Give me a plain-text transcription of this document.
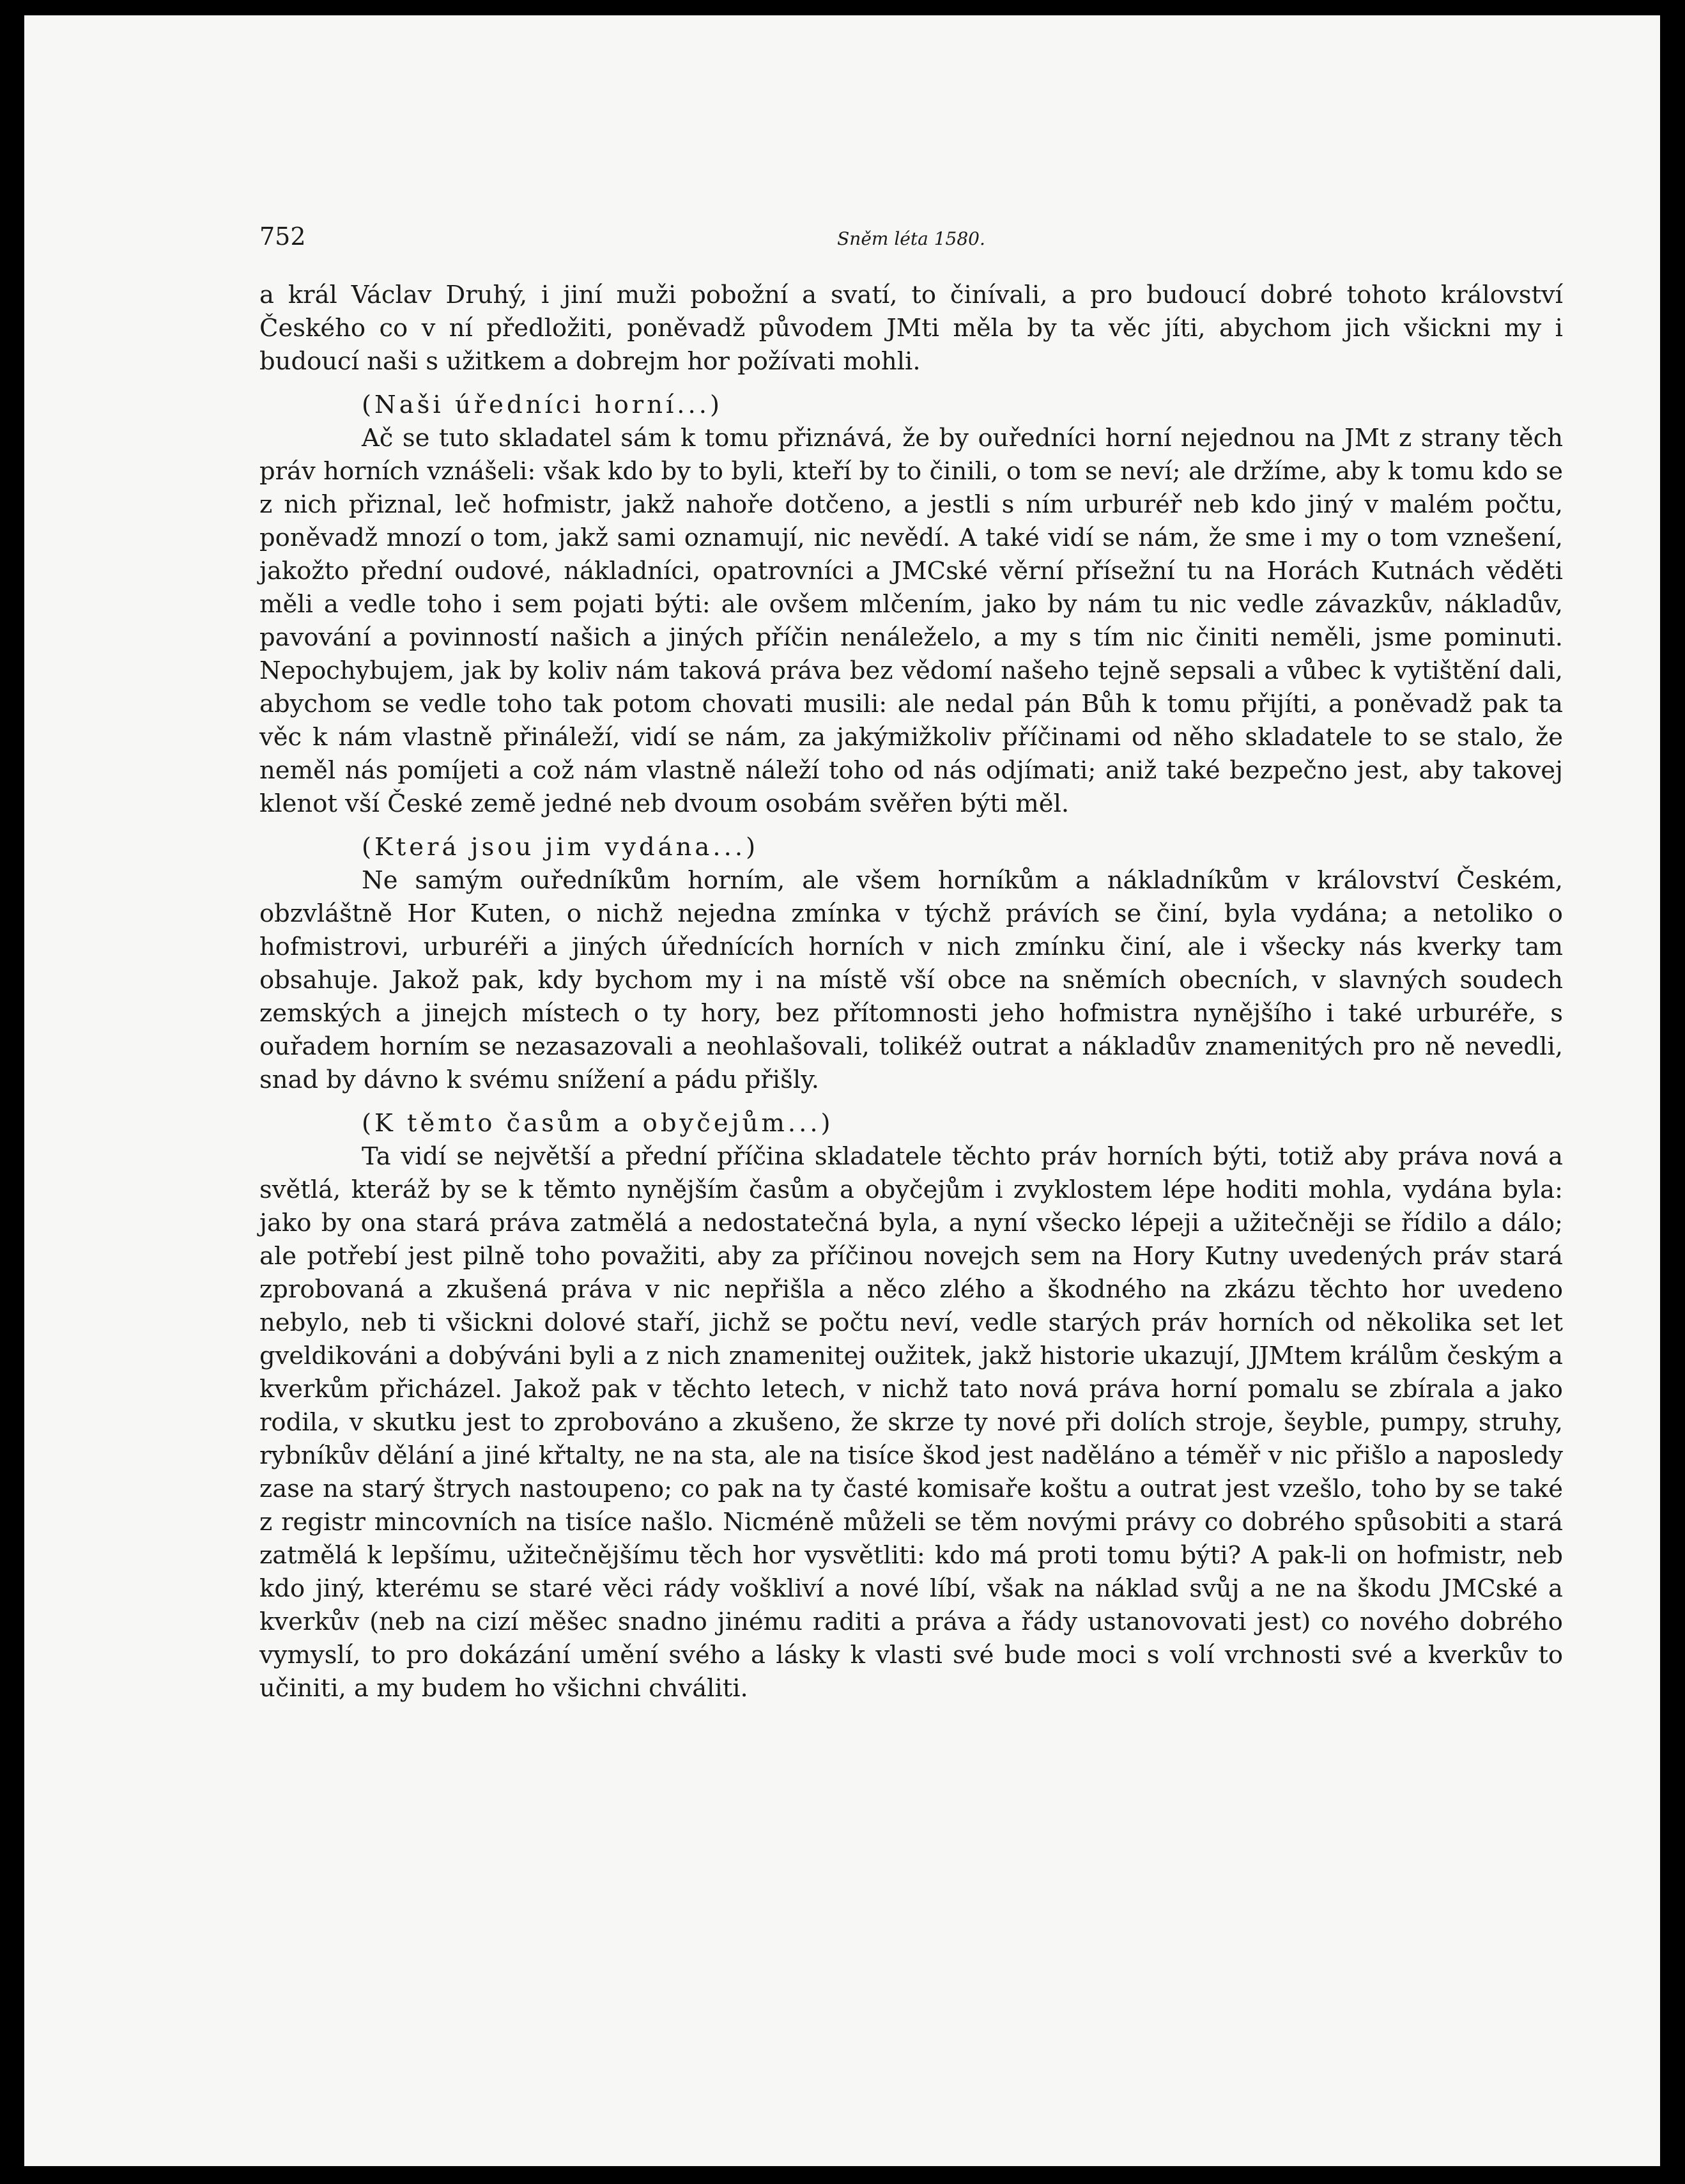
752	Sněm léta 1580.

a král Václav Druhý, i jiní muži pobožní a svatí, to činívali, a pro budoucí dobré tohoto království Českého co v ní předložiti, poněvadž původem JMti měla by ta věc jíti, abychom jich všickni my i budoucí naši s užitkem a dobrejm hor požívati mohli.

(Naši úředníci horní...)

Ač se tuto skladatel sám k tomu přiznává, že by ouředníci horní nejednou na JMt z strany těch práv horních vznášeli: však kdo by to byli, kteří by to činili, o tom se neví; ale držíme, aby k tomu kdo se z nich přiznal, leč hofmistr, jakž nahoře dotčeno, a jestli s ním urburéř neb kdo jiný v malém počtu, poněvadž mnozí o tom, jakž sami oznamují, nic nevědí. A také vidí se nám, že sme i my o tom vznešení, jakožto přední oudové, nákladníci, opatrovníci a JMCské věrní přísežní tu na Horách Kutnách věděti měli a vedle toho i sem pojati býti: ale ovšem mlčením, jako by nám tu nic vedle závazkův, nákladův, pavování a povinností našich a jiných příčin nenáleželo, a my s tím nic činiti neměli, jsme pominuti. Nepochybujem, jak by koliv nám taková práva bez vědomí našeho tejně sepsali a vůbec k vytištění dali, abychom se vedle toho tak potom chovati musili: ale nedal pán Bůh k tomu přijíti, a poněvadž pak ta věc k nám vlastně přináleží, vidí se nám, za jakýmižkoliv příčinami od něho skladatele to se stalo, že neměl nás pomíjeti a což nám vlastně náleží toho od nás odjímati; aniž také bezpečno jest, aby takovej klenot vší České země jedné neb dvoum osobám svěřen býti měl.

(Která jsou jim vydána...)

Ne samým ouředníkům horním, ale všem horníkům a nákladníkům v království Českém, obzvláštně Hor Kuten, o nichž nejedna zmínka v týchž právích se činí, byla vydána; a netoliko o hofmistrovi, urburéři a jiných úřednících horních v nich zmínku činí, ale i všecky nás kverky tam obsahuje. Jakož pak, kdy bychom my i na místě vší obce na sněmích obecních, v slavných soudech zemských a jinejch místech o ty hory, bez přítomnosti jeho hofmistra nynějšího i také urburéře, s ouřadem horním se nezasazovali a neohlašovali, tolikéž outrat a nákladův znamenitých pro ně nevedli, snad by dávno k svému snížení a pádu přišly.

(K těmto časům a obyčejům...)

Ta vidí se největší a přední příčina skladatele těchto práv horních býti, totiž aby práva nová a světlá, kteráž by se k těmto nynějším časům a obyčejům i zvyklostem lépe hoditi mohla, vydána byla: jako by ona stará práva zatmělá a nedostatečná byla, a nyní všecko lépeji a užitečněji se řídilo a dálo; ale potřebí jest pilně toho považiti, aby za příčinou novejch sem na Hory Kutny uvedených práv stará zprobovaná a zkušená práva v nic nepřišla a něco zlého a škodného na zkázu těchto hor uvedeno nebylo, neb ti všickni dolové staří, jichž se počtu neví, vedle starých práv horních od několika set let gveldikováni a dobýváni byli a z nich znamenitej oužitek, jakž historie ukazují, JJMtem králům českým a kverkům přicházel. Jakož pak v těchto letech, v nichž tato nová práva horní pomalu se zbírala a jako rodila, v skutku jest to zprobováno a zkušeno, že skrze ty nové při dolích stroje, šeyble, pumpy, struhy, rybníkův dělání a jiné křtalty, ne na sta, ale na tisíce škod jest naděláno a téměř v nic přišlo a naposledy zase na starý štrych nastoupeno; co pak na ty časté komisaře koštu a outrat jest vzešlo, toho by se také z registr mincovních na tisíce našlo. Nicméně můželi se těm novými právy co dobrého spůsobiti a stará zatmělá k lepšímu, užitečnějšímu těch hor vysvětliti: kdo má proti tomu býti? A pak-li on hofmistr, neb kdo jiný, kterému se staré věci rády voškliví a nové líbí, však na náklad svůj a ne na škodu JMCské a kverkův (neb na cizí měšec snadno jinému raditi a práva a řády ustanovovati jest) co nového dobrého vymyslí, to pro dokázání umění svého a lásky k vlasti své bude moci s volí vrchnosti své a kverkův to učiniti, a my budem ho všichni chváliti.
